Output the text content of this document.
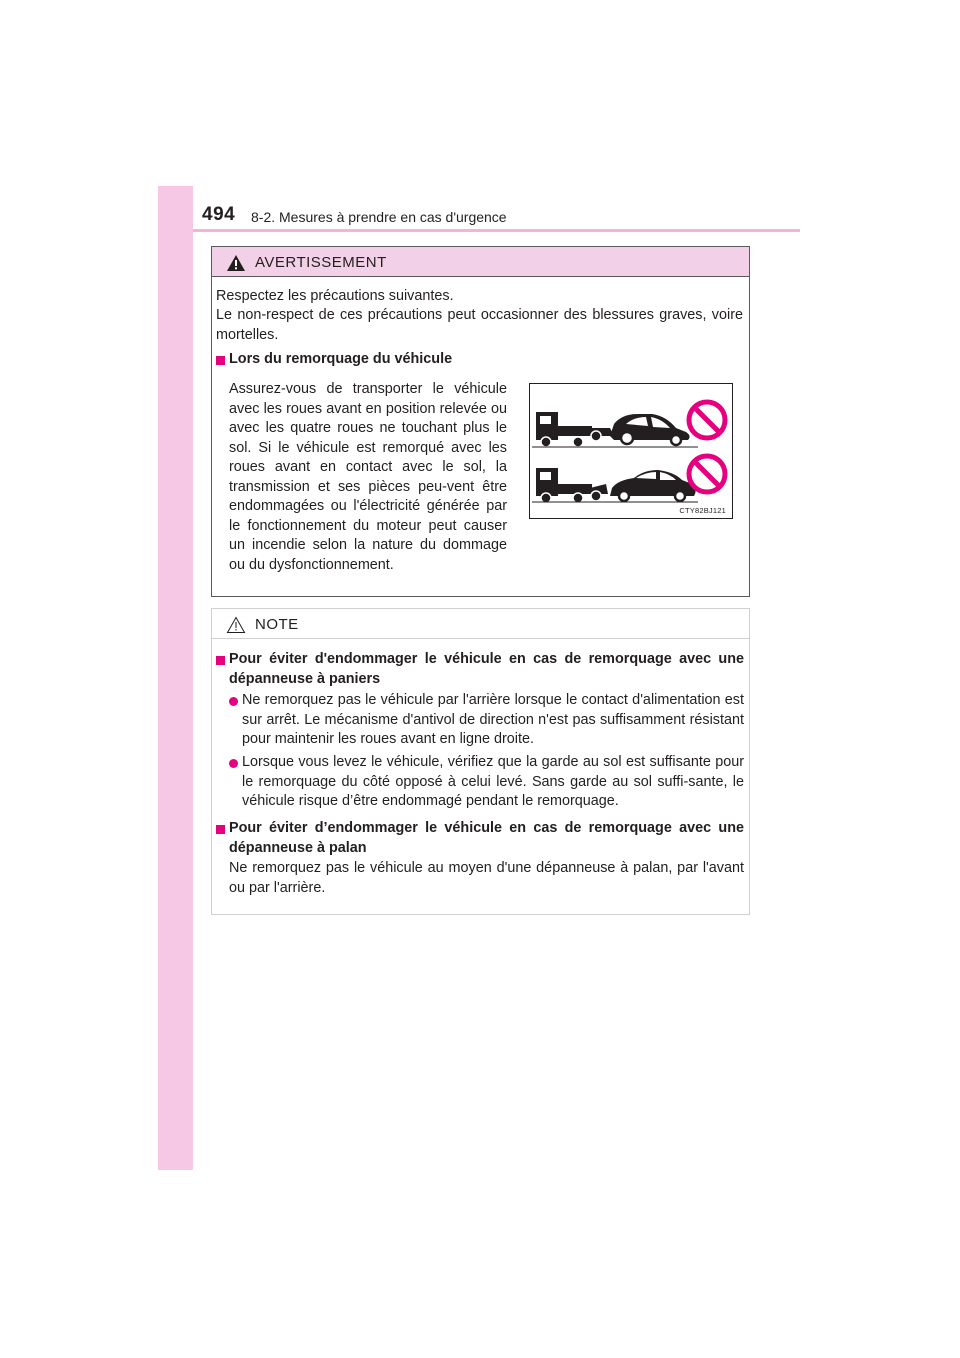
494 8-2. Mesures à prendre en cas d'urgence
AVERTISSEMENT
Respectez les précautions suivantes.
Le non-respect de ces précautions peut occasionner des blessures graves, voire mortelles.
Lors du remorquage du véhicule
Assurez-vous de transporter le véhicule avec les roues avant en position relevée ou avec les quatre roues ne touchant plus le sol. Si le véhicule est remorqué avec les roues avant en contact avec le sol, la transmission et ses pièces peu-vent être endommagées ou l'électricité générée par le fonctionnement du moteur peut causer un incendie selon la nature du dommage ou du dysfonctionnement.
CTY82BJ121
NOTE
Pour éviter d'endommager le véhicule en cas de remorquage avec une dépanneuse à paniers
Ne remorquez pas le véhicule par l'arrière lorsque le contact d'alimentation est sur arrêt. Le mécanisme d'antivol de direction n'est pas suffisamment résistant pour maintenir les roues avant en ligne droite.
Lorsque vous levez le véhicule, vérifiez que la garde au sol est suffisante pour le remorquage du côté opposé à celui levé. Sans garde au sol suffi-sante, le véhicule risque d’être endommagé pendant le remorquage.
Pour éviter d’endommager le véhicule en cas de remorquage avec une dépanneuse à palan
Ne remorquez pas le véhicule au moyen d'une dépanneuse à palan, par l'avant ou par l'arrière.
